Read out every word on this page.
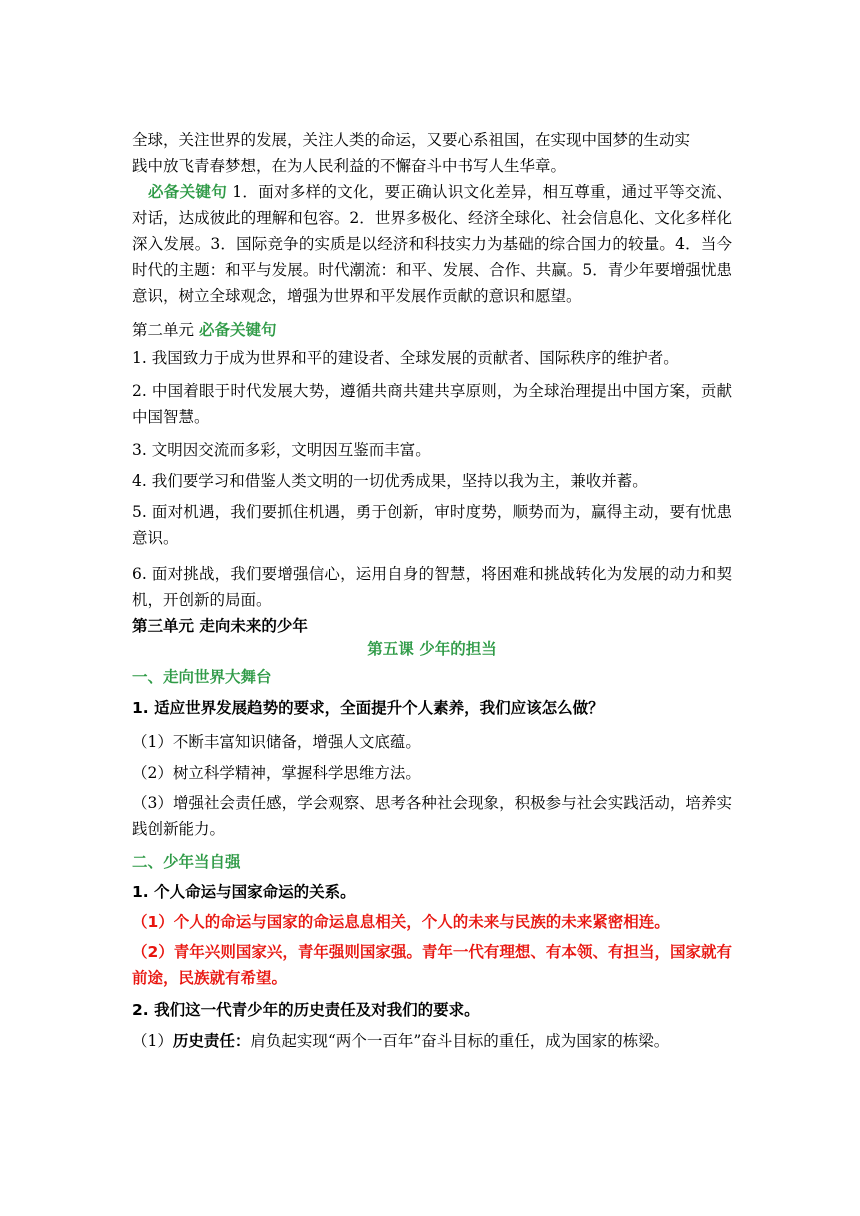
全球，关注世界的发展，关注人类的命运，又要心系祖国，在实现中国梦的生动实
践中放飞青春梦想，在为人民利益的不懈奋斗中书写人生华章。
必备关键句 1．面对多样的文化，要正确认识文化差异，相互尊重，通过平等交流、对话，达成彼此的理解和包容。2．世界多极化、经济全球化、社会信息化、文化多样化深入发展。3．国际竞争的实质是以经济和科技实力为基础的综合国力的较量。4．当今时代的主题：和平与发展。时代潮流：和平、发展、合作、共赢。5．青少年要增强忧患意识，树立全球观念，增强为世界和平发展作贡献的意识和愿望。
第二单元 必备关键句
1. 我国致力于成为世界和平的建设者、全球发展的贡献者、国际秩序的维护者。
2. 中国着眼于时代发展大势，遵循共商共建共享原则，为全球治理提出中国方案，贡献中国智慧。
3. 文明因交流而多彩，文明因互鉴而丰富。
4. 我们要学习和借鉴人类文明的一切优秀成果，坚持以我为主，兼收并蓄。
5. 面对机遇，我们要抓住机遇，勇于创新，审时度势，顺势而为，赢得主动，要有忧患意识。
6. 面对挑战，我们要增强信心，运用自身的智慧，将困难和挑战转化为发展的动力和契机，开创新的局面。
第三单元 走向未来的少年
第五课 少年的担当
一、走向世界大舞台
1. 适应世界发展趋势的要求，全面提升个人素养，我们应该怎么做？
（1）不断丰富知识储备，增强人文底蕴。
（2）树立科学精神，掌握科学思维方法。
（3）增强社会责任感，学会观察、思考各种社会现象，积极参与社会实践活动，培养实践创新能力。
二、少年当自强
1. 个人命运与国家命运的关系。
（1）个人的命运与国家的命运息息相关，个人的未来与民族的未来紧密相连。
（2）青年兴则国家兴，青年强则国家强。青年一代有理想、有本领、有担当，国家就有前途，民族就有希望。
2. 我们这一代青少年的历史责任及对我们的要求。
（1）历史责任：肩负起实现“两个一百年”奋斗目标的重任，成为国家的栋梁。
